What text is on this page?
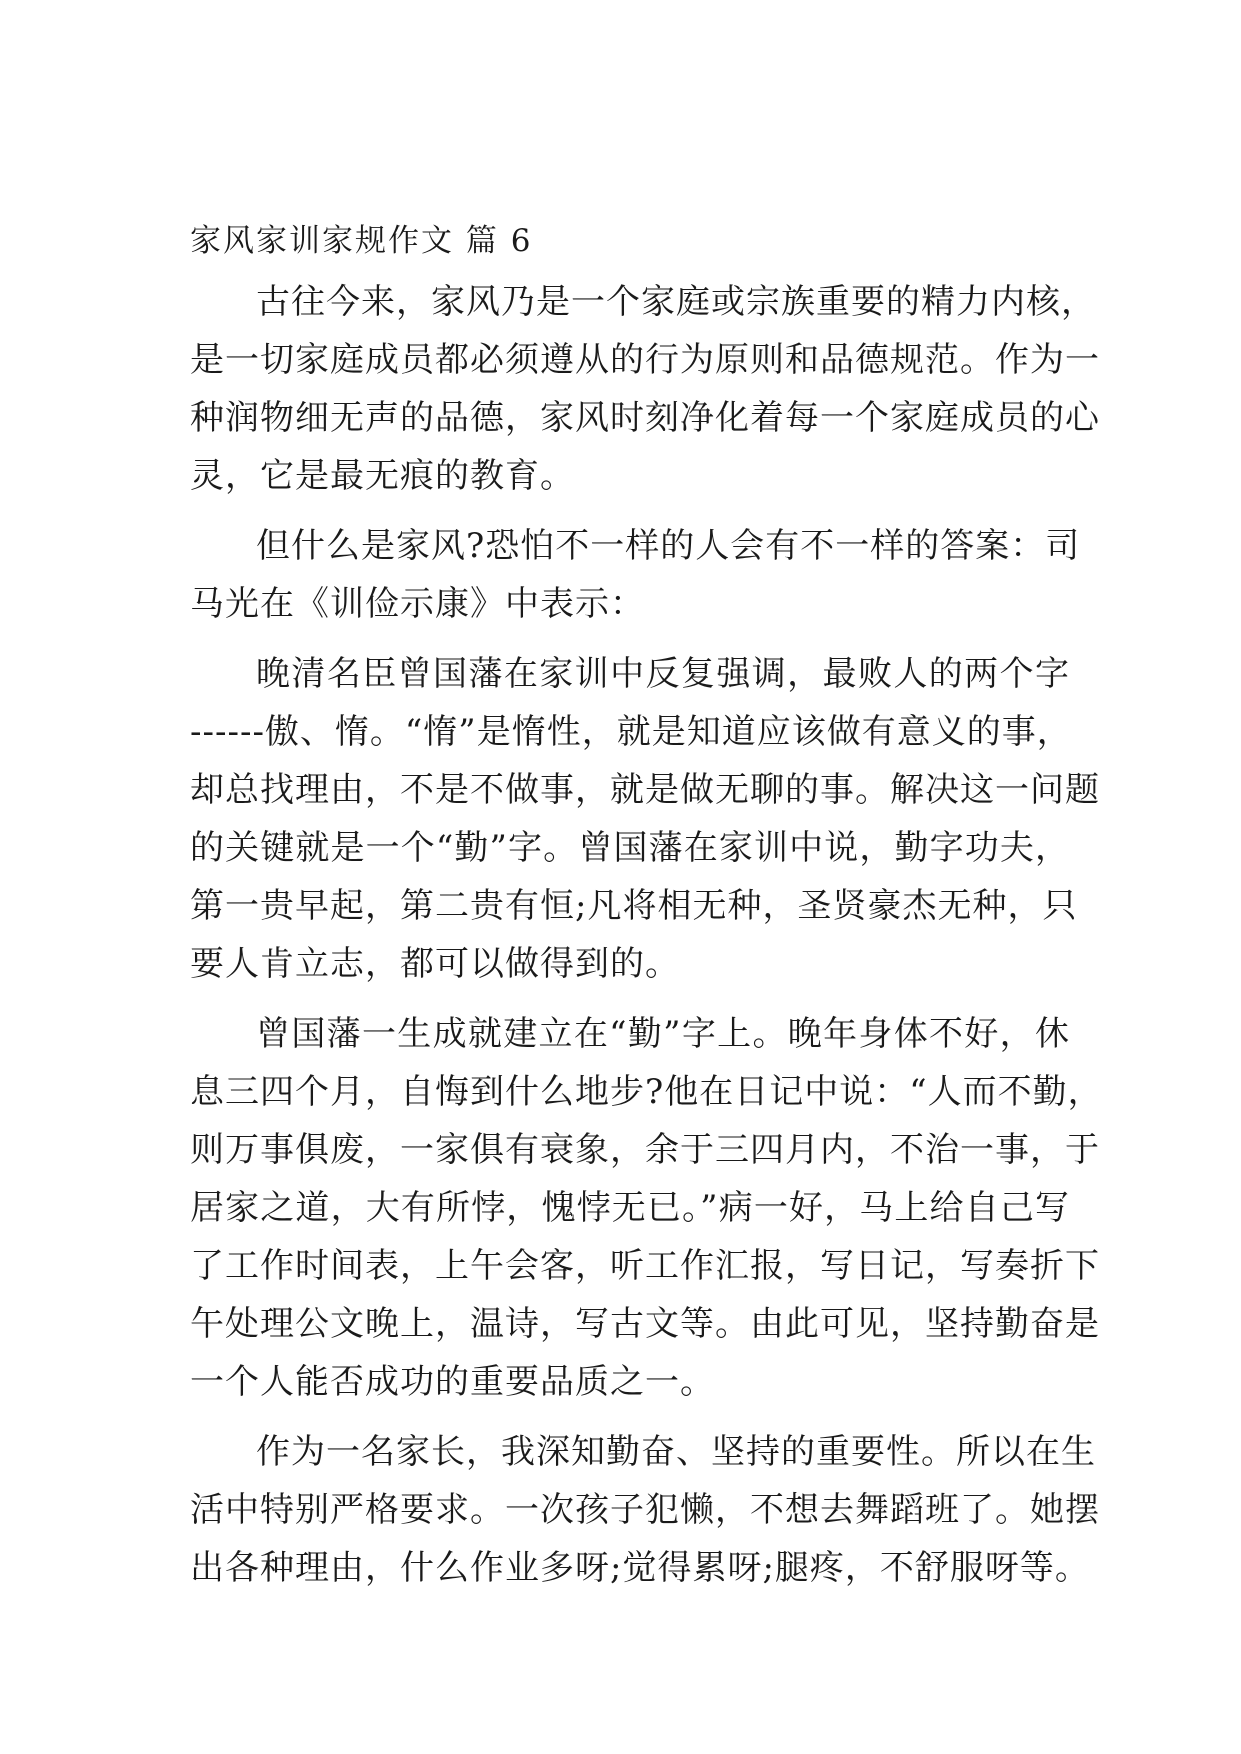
家风家训家规作文 篇 6
古往今来，家风乃是一个家庭或宗族重要的精力内核，
是一切家庭成员都必须遵从的行为原则和品德规范。作为一
种润物细无声的品德，家风时刻净化着每一个家庭成员的心
灵，它是最无痕的教育。
但什么是家风?恐怕不一样的人会有不一样的答案：司
马光在《训俭示康》中表示：
晚清名臣曾国藩在家训中反复强调，最败人的两个字
------傲、惰。“惰”是惰性，就是知道应该做有意义的事，
却总找理由，不是不做事，就是做无聊的事。解决这一问题
的关键就是一个“勤”字。曾国藩在家训中说，勤字功夫，
第一贵早起，第二贵有恒;凡将相无种，圣贤豪杰无种，只
要人肯立志，都可以做得到的。
曾国藩一生成就建立在“勤”字上。晚年身体不好，休
息三四个月，自悔到什么地步?他在日记中说：“人而不勤，
则万事俱废，一家俱有衰象，余于三四月内，不治一事，于
居家之道，大有所悖，愧悖无已。”病一好，马上给自己写
了工作时间表，上午会客，听工作汇报，写日记，写奏折下
午处理公文晚上，温诗，写古文等。由此可见，坚持勤奋是
一个人能否成功的重要品质之一。
作为一名家长，我深知勤奋、坚持的重要性。所以在生
活中特别严格要求。一次孩子犯懒，不想去舞蹈班了。她摆
出各种理由，什么作业多呀;觉得累呀;腿疼，不舒服呀等。
